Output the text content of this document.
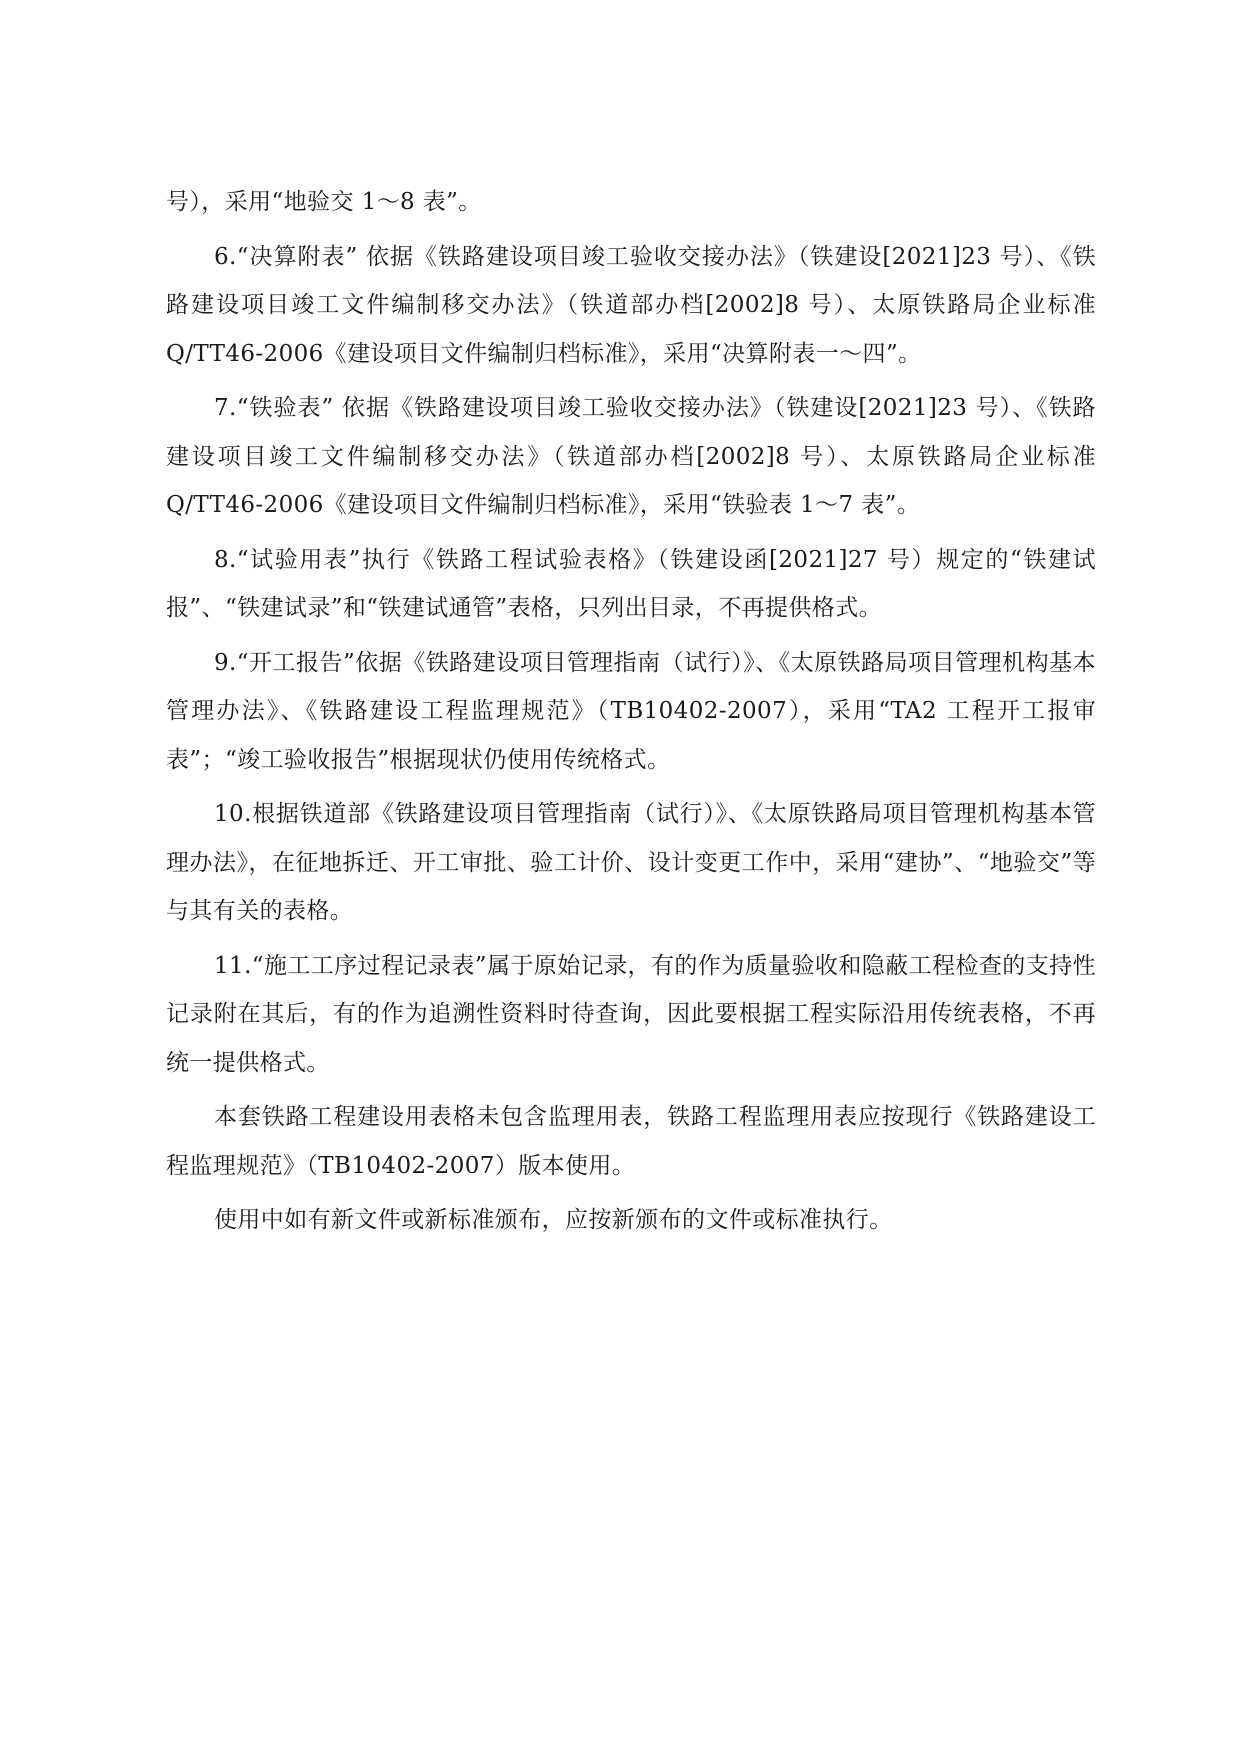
号），采用“地验交 1～8 表”。

6.“决算附表” 依据《铁路建设项目竣工验收交接办法》（铁建设[2021]23 号）、《铁路建设项目竣工文件编制移交办法》（铁道部办档[2002]8 号）、太原铁路局企业标准 Q/TT46-2006《建设项目文件编制归档标准》，采用“决算附表一～四”。

7.“铁验表” 依据《铁路建设项目竣工验收交接办法》（铁建设[2021]23 号）、《铁路建设项目竣工文件编制移交办法》（铁道部办档[2002]8 号）、太原铁路局企业标准 Q/TT46-2006《建设项目文件编制归档标准》，采用“铁验表 1～7 表”。

8.“试验用表”执行《铁路工程试验表格》（铁建设函[2021]27 号）规定的“铁建试报”、“铁建试录”和“铁建试通管”表格，只列出目录，不再提供格式。

9.“开工报告”依据《铁路建设项目管理指南（试行）》、《太原铁路局项目管理机构基本管理办法》、《铁路建设工程监理规范》（TB10402-2007），采用“TA2 工程开工报审表”；“竣工验收报告”根据现状仍使用传统格式。

10.根据铁道部《铁路建设项目管理指南（试行）》、《太原铁路局项目管理机构基本管理办法》，在征地拆迁、开工审批、验工计价、设计变更工作中，采用“建协”、“地验交”等与其有关的表格。

11.“施工工序过程记录表”属于原始记录，有的作为质量验收和隐蔽工程检查的支持性记录附在其后，有的作为追溯性资料时待查询，因此要根据工程实际沿用传统表格，不再统一提供格式。

本套铁路工程建设用表格未包含监理用表，铁路工程监理用表应按现行《铁路建设工程监理规范》（TB10402-2007）版本使用。

使用中如有新文件或新标准颁布，应按新颁布的文件或标准执行。
